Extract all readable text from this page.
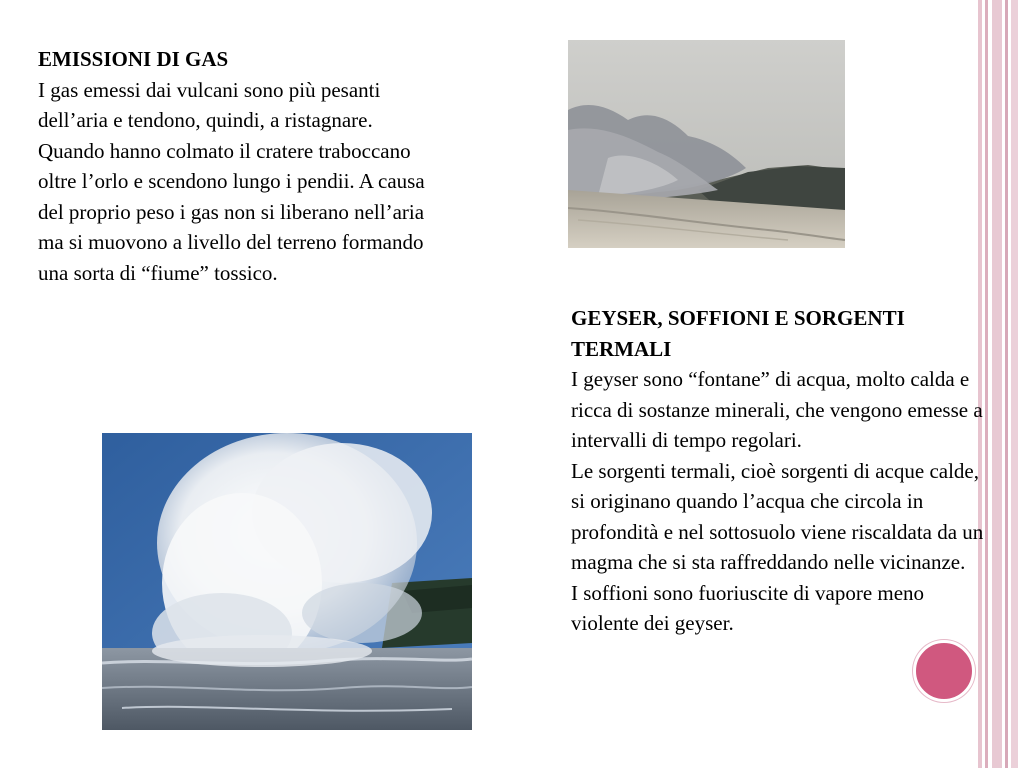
EMISSIONI DI GAS
I gas emessi dai vulcani sono più pesanti dell’aria e tendono, quindi, a ristagnare. Quando hanno colmato il cratere traboccano oltre l’orlo e scendono lungo i pendii. A causa del proprio peso i gas non si liberano nell’aria ma si muovono a livello del terreno formando una sorta di “fiume” tossico.
GEYSER, SOFFIONI E SORGENTI TERMALI
I geyser sono “fontane” di acqua, molto calda e ricca di sostanze minerali, che vengono emesse a intervalli di tempo regolari.
Le sorgenti termali, cioè sorgenti di acque calde, si originano quando l’acqua che circola in profondità e nel sottosuolo viene riscaldata da un magma che si sta raffreddando nelle vicinanze.
I soffioni sono fuoriuscite di vapore meno violente dei geyser.
